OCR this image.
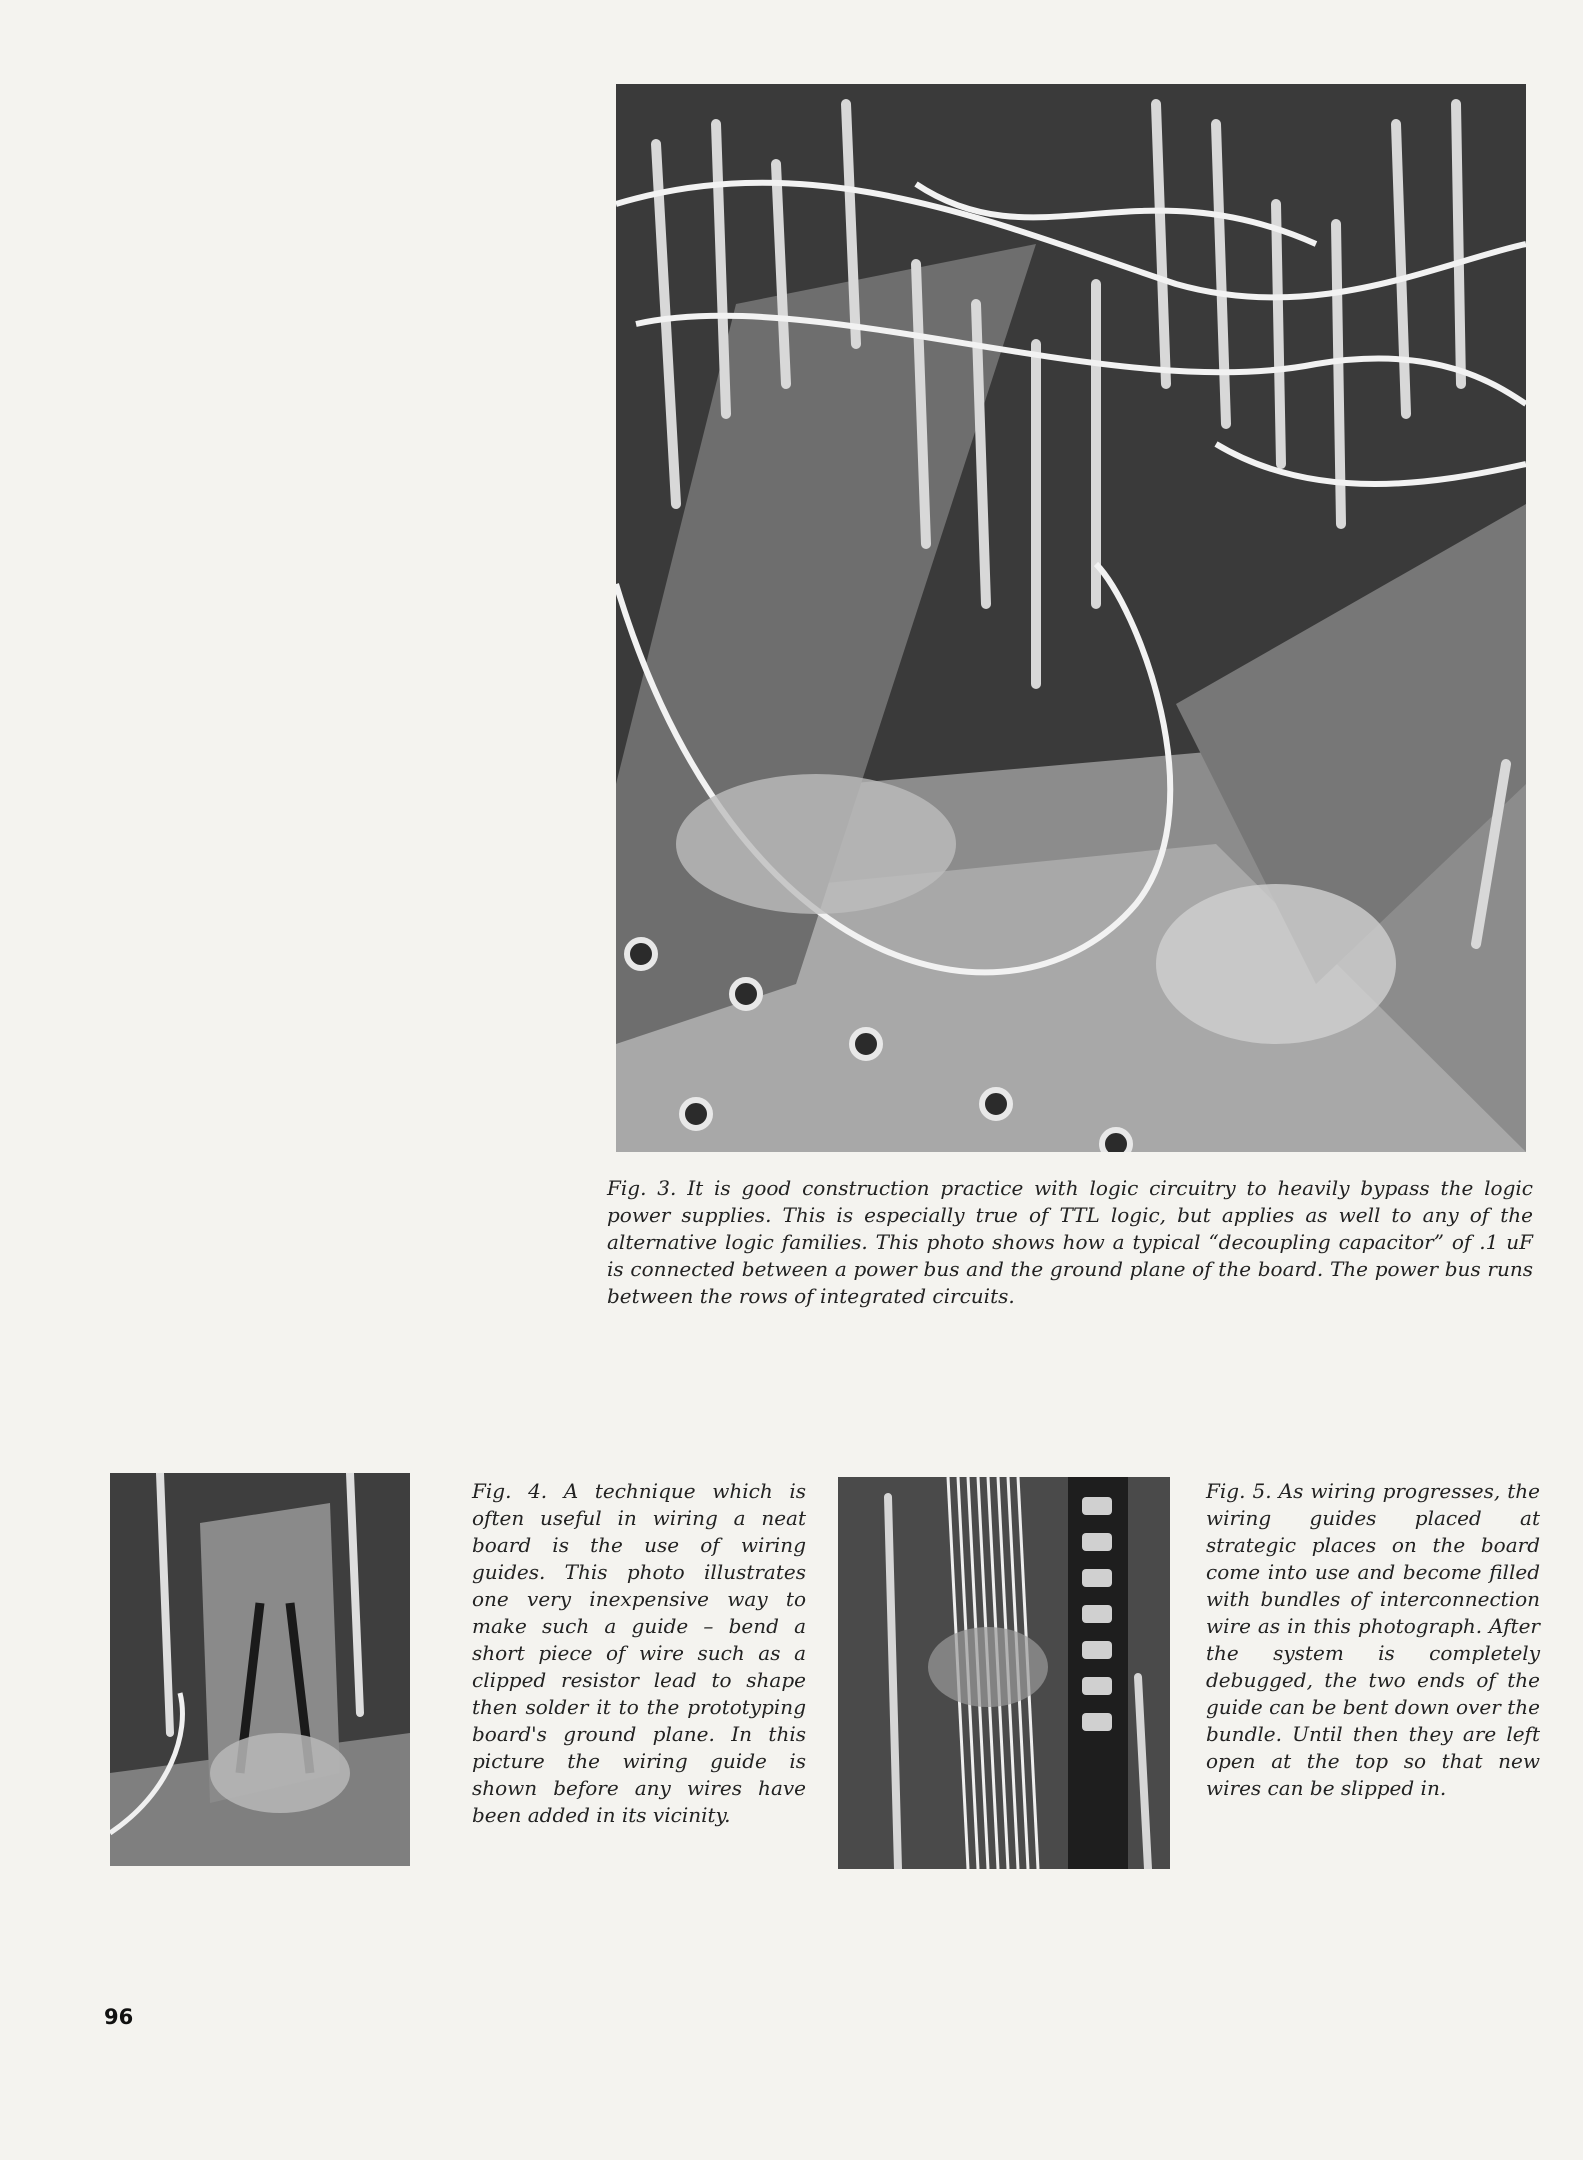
Fig. 3. It is good construction practice with logic circuitry to heavily bypass the logic power supplies. This is especially true of TTL logic, but applies as well to any of the alternative logic families. This photo shows how a typical “decoupling capacitor” of .1 uF is connected between a power bus and the ground plane of the board. The power bus runs between the rows of integrated circuits.
Fig. 4. A technique which is often useful in wiring a neat board is the use of wiring guides. This photo illustrates one very inexpensive way to make such a guide – bend a short piece of wire such as a clipped resistor lead to shape then solder it to the prototyping board's ground plane. In this picture the wiring guide is shown before any wires have been added in its vicinity.
Fig. 5. As wiring progresses, the wiring guides placed at strategic places on the board come into use and become filled with bundles of interconnection wire as in this photograph. After the system is completely debugged, the two ends of the guide can be bent down over the bundle. Until then they are left open at the top so that new wires can be slipped in.
96
